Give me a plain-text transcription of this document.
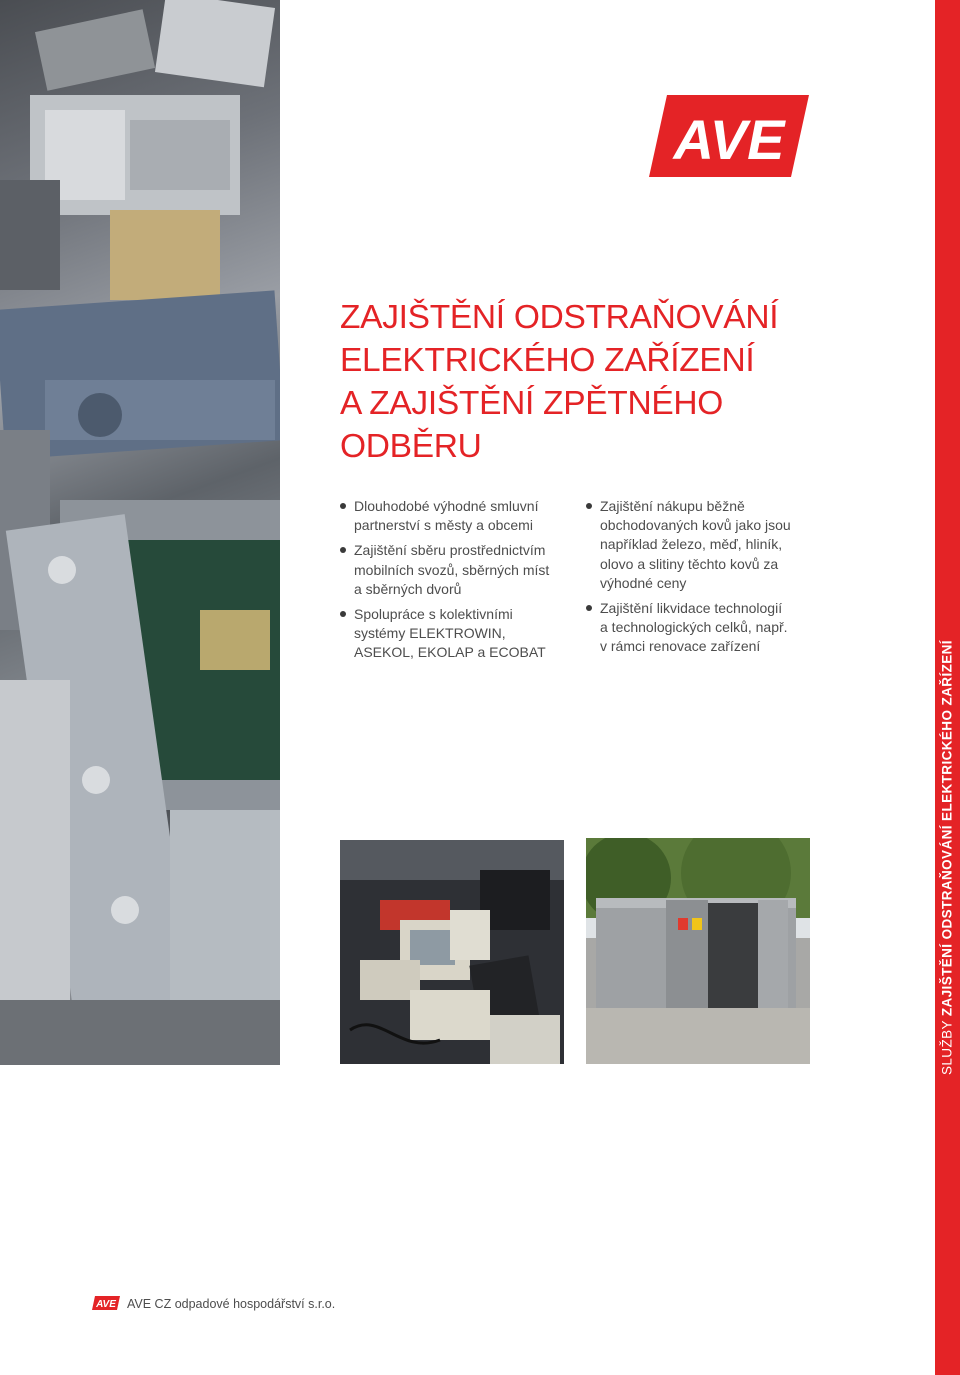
AVE
ZAJIŠTĚNÍ ODSTRAŇOVÁNÍ
ELEKTRICKÉHO ZAŘÍZENÍ
A ZAJIŠTĚNÍ ZPĚTNÉHO
ODBĚRU
Dlouhodobé výhodné smluvní
partnerství s městy a obcemi
Zajištění sběru prostřednictvím
mobilních svozů, sběrných míst
a sběrných dvorů
Spolupráce s kolektivními
systémy ELEKTROWIN,
ASEKOL, EKOLAP a ECOBAT
Zajištění nákupu běžně
obchodovaných kovů jako jsou
například železo, měď, hliník,
olovo a slitiny těchto kovů za
výhodné ceny
Zajištění likvidace technologií
a technologických celků, např.
v rámci renovace zařízení
SLUŽBY ZAJIŠTĚNÍ ODSTRAŇOVÁNÍ ELEKTRICKÉHO ZAŘÍZENÍ
AVE AVE CZ odpadové hospodářství s.r.o.
